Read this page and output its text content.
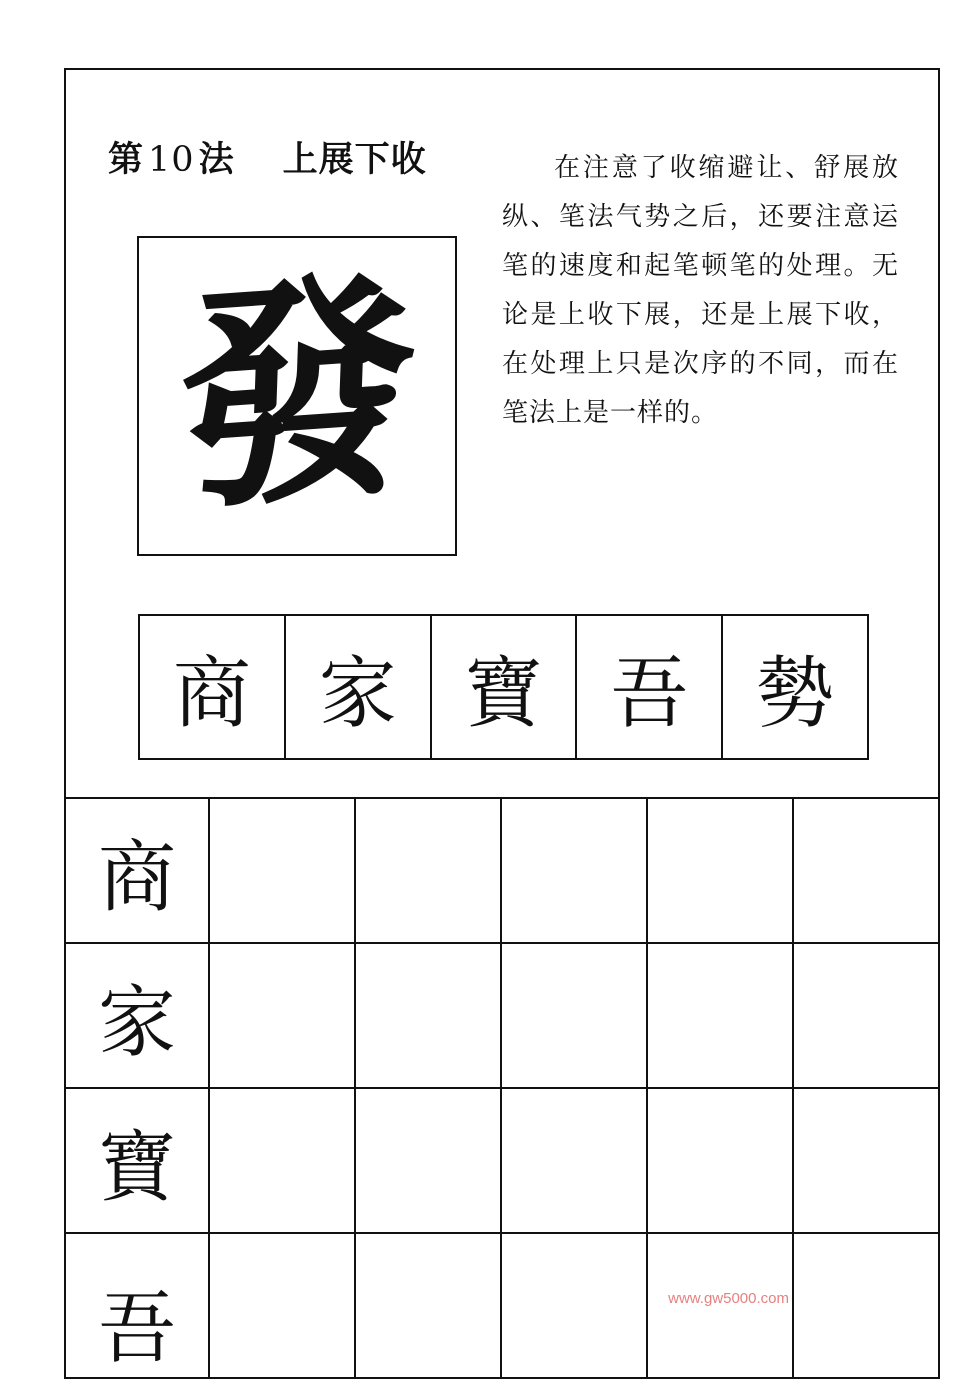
第 10 法 上展下收	在注意了收缩避让、舒展放纵、笔法气势之后，还要注意运笔的速度和起笔顿笔的处理。无论是上收下展，还是上展下收，在处理上只是次序的不同，而在笔法上是一样的。
發
商 家 寶 吾 勢
商
家
寶
吾	www.gw5000.com
